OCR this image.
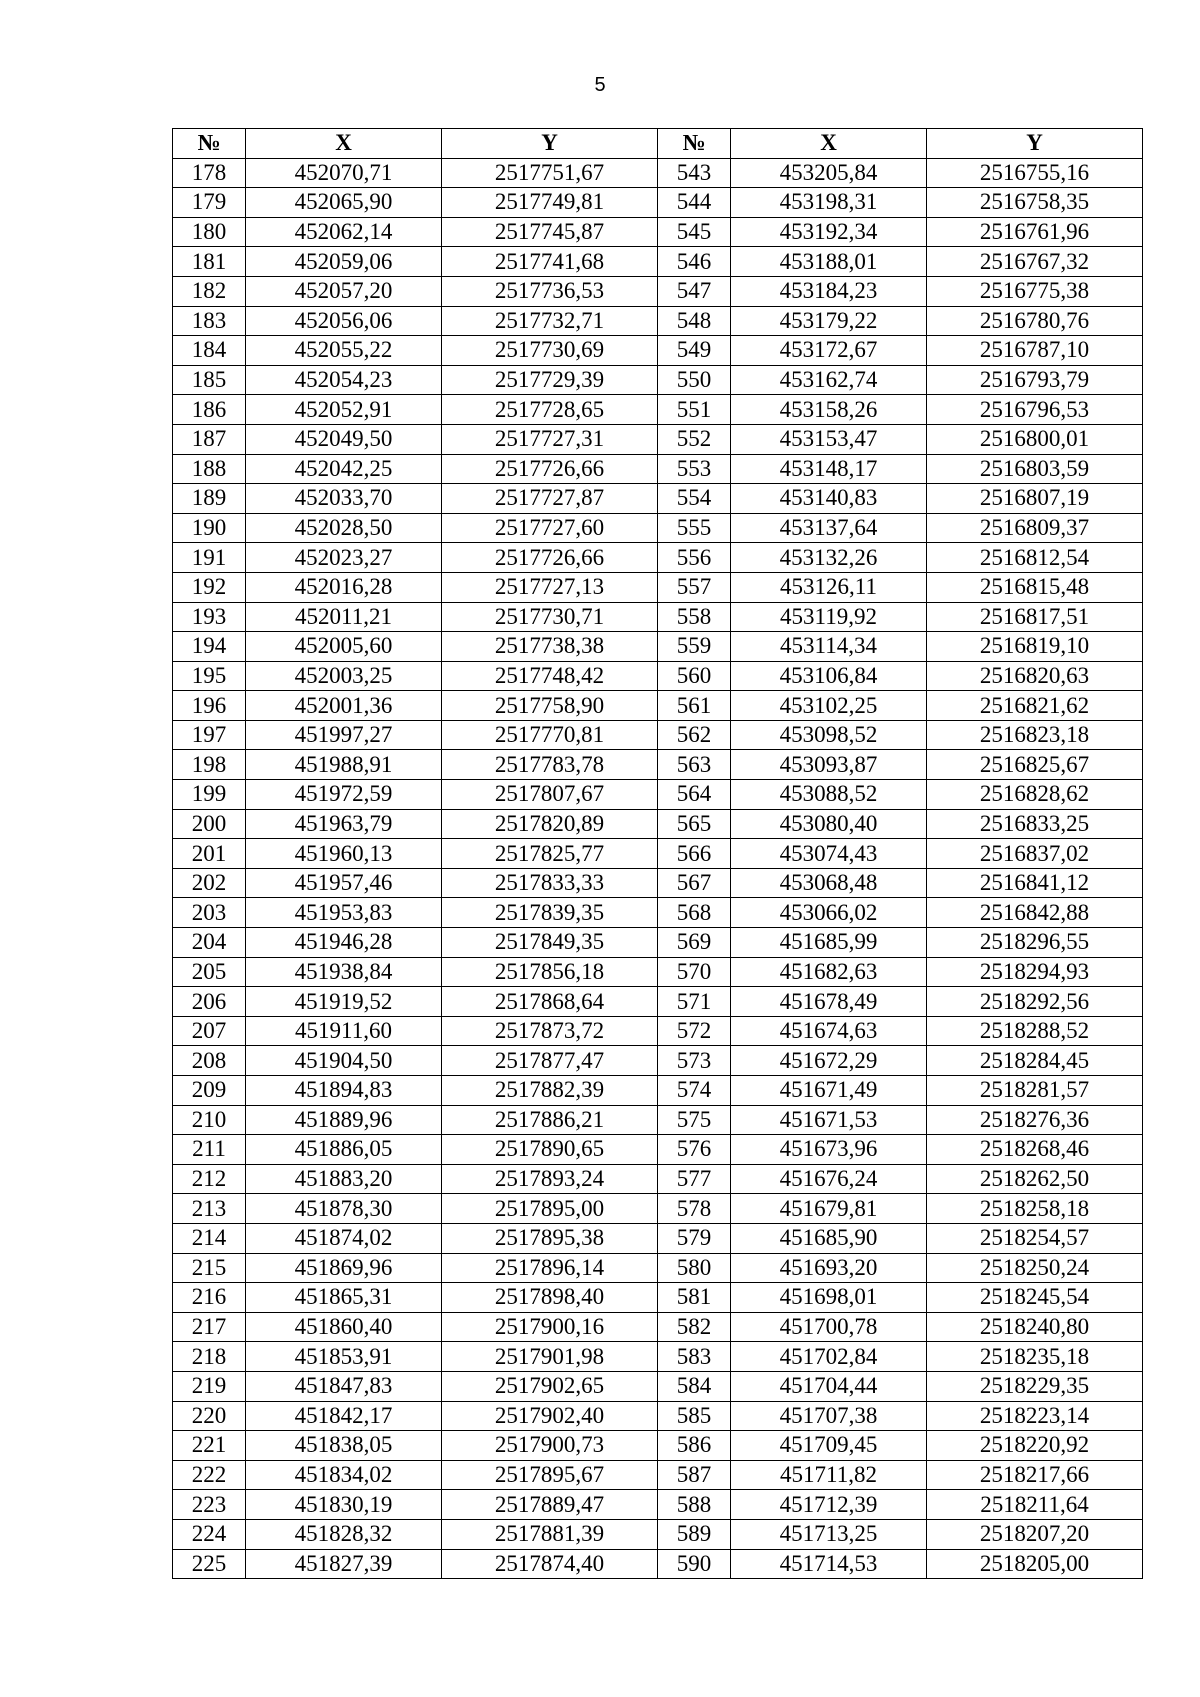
5
№	X	Y	№	X	Y
178	452070,71	2517751,67	543	453205,84	2516755,16
179	452065,90	2517749,81	544	453198,31	2516758,35
180	452062,14	2517745,87	545	453192,34	2516761,96
181	452059,06	2517741,68	546	453188,01	2516767,32
182	452057,20	2517736,53	547	453184,23	2516775,38
183	452056,06	2517732,71	548	453179,22	2516780,76
184	452055,22	2517730,69	549	453172,67	2516787,10
185	452054,23	2517729,39	550	453162,74	2516793,79
186	452052,91	2517728,65	551	453158,26	2516796,53
187	452049,50	2517727,31	552	453153,47	2516800,01
188	452042,25	2517726,66	553	453148,17	2516803,59
189	452033,70	2517727,87	554	453140,83	2516807,19
190	452028,50	2517727,60	555	453137,64	2516809,37
191	452023,27	2517726,66	556	453132,26	2516812,54
192	452016,28	2517727,13	557	453126,11	2516815,48
193	452011,21	2517730,71	558	453119,92	2516817,51
194	452005,60	2517738,38	559	453114,34	2516819,10
195	452003,25	2517748,42	560	453106,84	2516820,63
196	452001,36	2517758,90	561	453102,25	2516821,62
197	451997,27	2517770,81	562	453098,52	2516823,18
198	451988,91	2517783,78	563	453093,87	2516825,67
199	451972,59	2517807,67	564	453088,52	2516828,62
200	451963,79	2517820,89	565	453080,40	2516833,25
201	451960,13	2517825,77	566	453074,43	2516837,02
202	451957,46	2517833,33	567	453068,48	2516841,12
203	451953,83	2517839,35	568	453066,02	2516842,88
204	451946,28	2517849,35	569	451685,99	2518296,55
205	451938,84	2517856,18	570	451682,63	2518294,93
206	451919,52	2517868,64	571	451678,49	2518292,56
207	451911,60	2517873,72	572	451674,63	2518288,52
208	451904,50	2517877,47	573	451672,29	2518284,45
209	451894,83	2517882,39	574	451671,49	2518281,57
210	451889,96	2517886,21	575	451671,53	2518276,36
211	451886,05	2517890,65	576	451673,96	2518268,46
212	451883,20	2517893,24	577	451676,24	2518262,50
213	451878,30	2517895,00	578	451679,81	2518258,18
214	451874,02	2517895,38	579	451685,90	2518254,57
215	451869,96	2517896,14	580	451693,20	2518250,24
216	451865,31	2517898,40	581	451698,01	2518245,54
217	451860,40	2517900,16	582	451700,78	2518240,80
218	451853,91	2517901,98	583	451702,84	2518235,18
219	451847,83	2517902,65	584	451704,44	2518229,35
220	451842,17	2517902,40	585	451707,38	2518223,14
221	451838,05	2517900,73	586	451709,45	2518220,92
222	451834,02	2517895,67	587	451711,82	2518217,66
223	451830,19	2517889,47	588	451712,39	2518211,64
224	451828,32	2517881,39	589	451713,25	2518207,20
225	451827,39	2517874,40	590	451714,53	2518205,00
